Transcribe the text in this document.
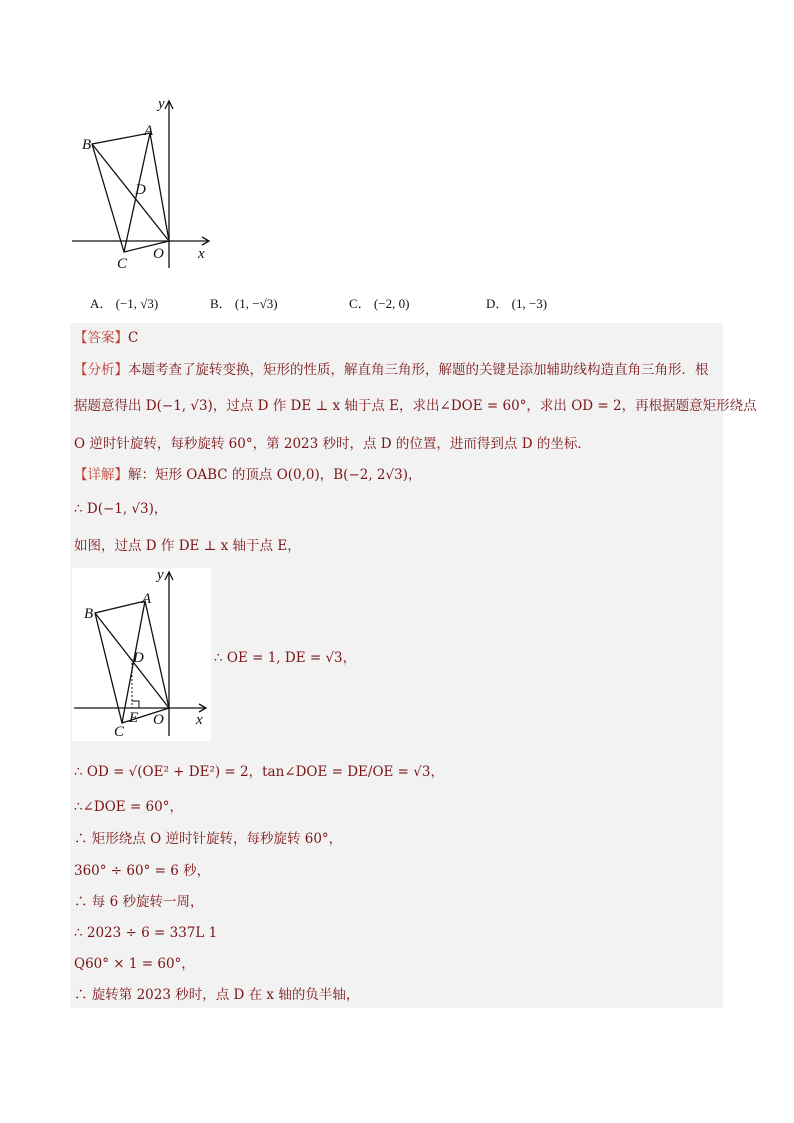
y
x
A
B
C
D
O
A． (−1, √3)	B． (1, −√3)	C． (−2, 0)	D． (1, −3)
【答案】C
【分析】本题考查了旋转变换，矩形的性质，解直角三角形，解题的关键是添加辅助线构造直角三角形．根
据题意得出 D(−1, √3)，过点 D 作 DE ⊥ x 轴于点 E，求出∠DOE = 60°，求出 OD = 2，再根据题意矩形绕点
O 逆时针旋转，每秒旋转 60°，第 2023 秒时，点 D 的位置，进而得到点 D 的坐标．
【详解】解：矩形 OABC 的顶点 O(0,0)，B(−2, 2√3)，
∴ D(−1, √3)，
如图，过点 D 作 DE ⊥ x 轴于点 E，
y
x
A
B
C
D
E O
∴ OE = 1, DE = √3，
∴ OD = √(OE² + DE²) = 2，tan∠DOE = DE/OE = √3，
∴∠DOE = 60°，
∴ 矩形绕点 O 逆时针旋转，每秒旋转 60°，
360° ÷ 60° = 6 秒，
∴ 每 6 秒旋转一周，
∴ 2023 ÷ 6 = 337L 1
Q60° × 1 = 60°，
∴ 旋转第 2023 秒时，点 D 在 x 轴的负半轴，
